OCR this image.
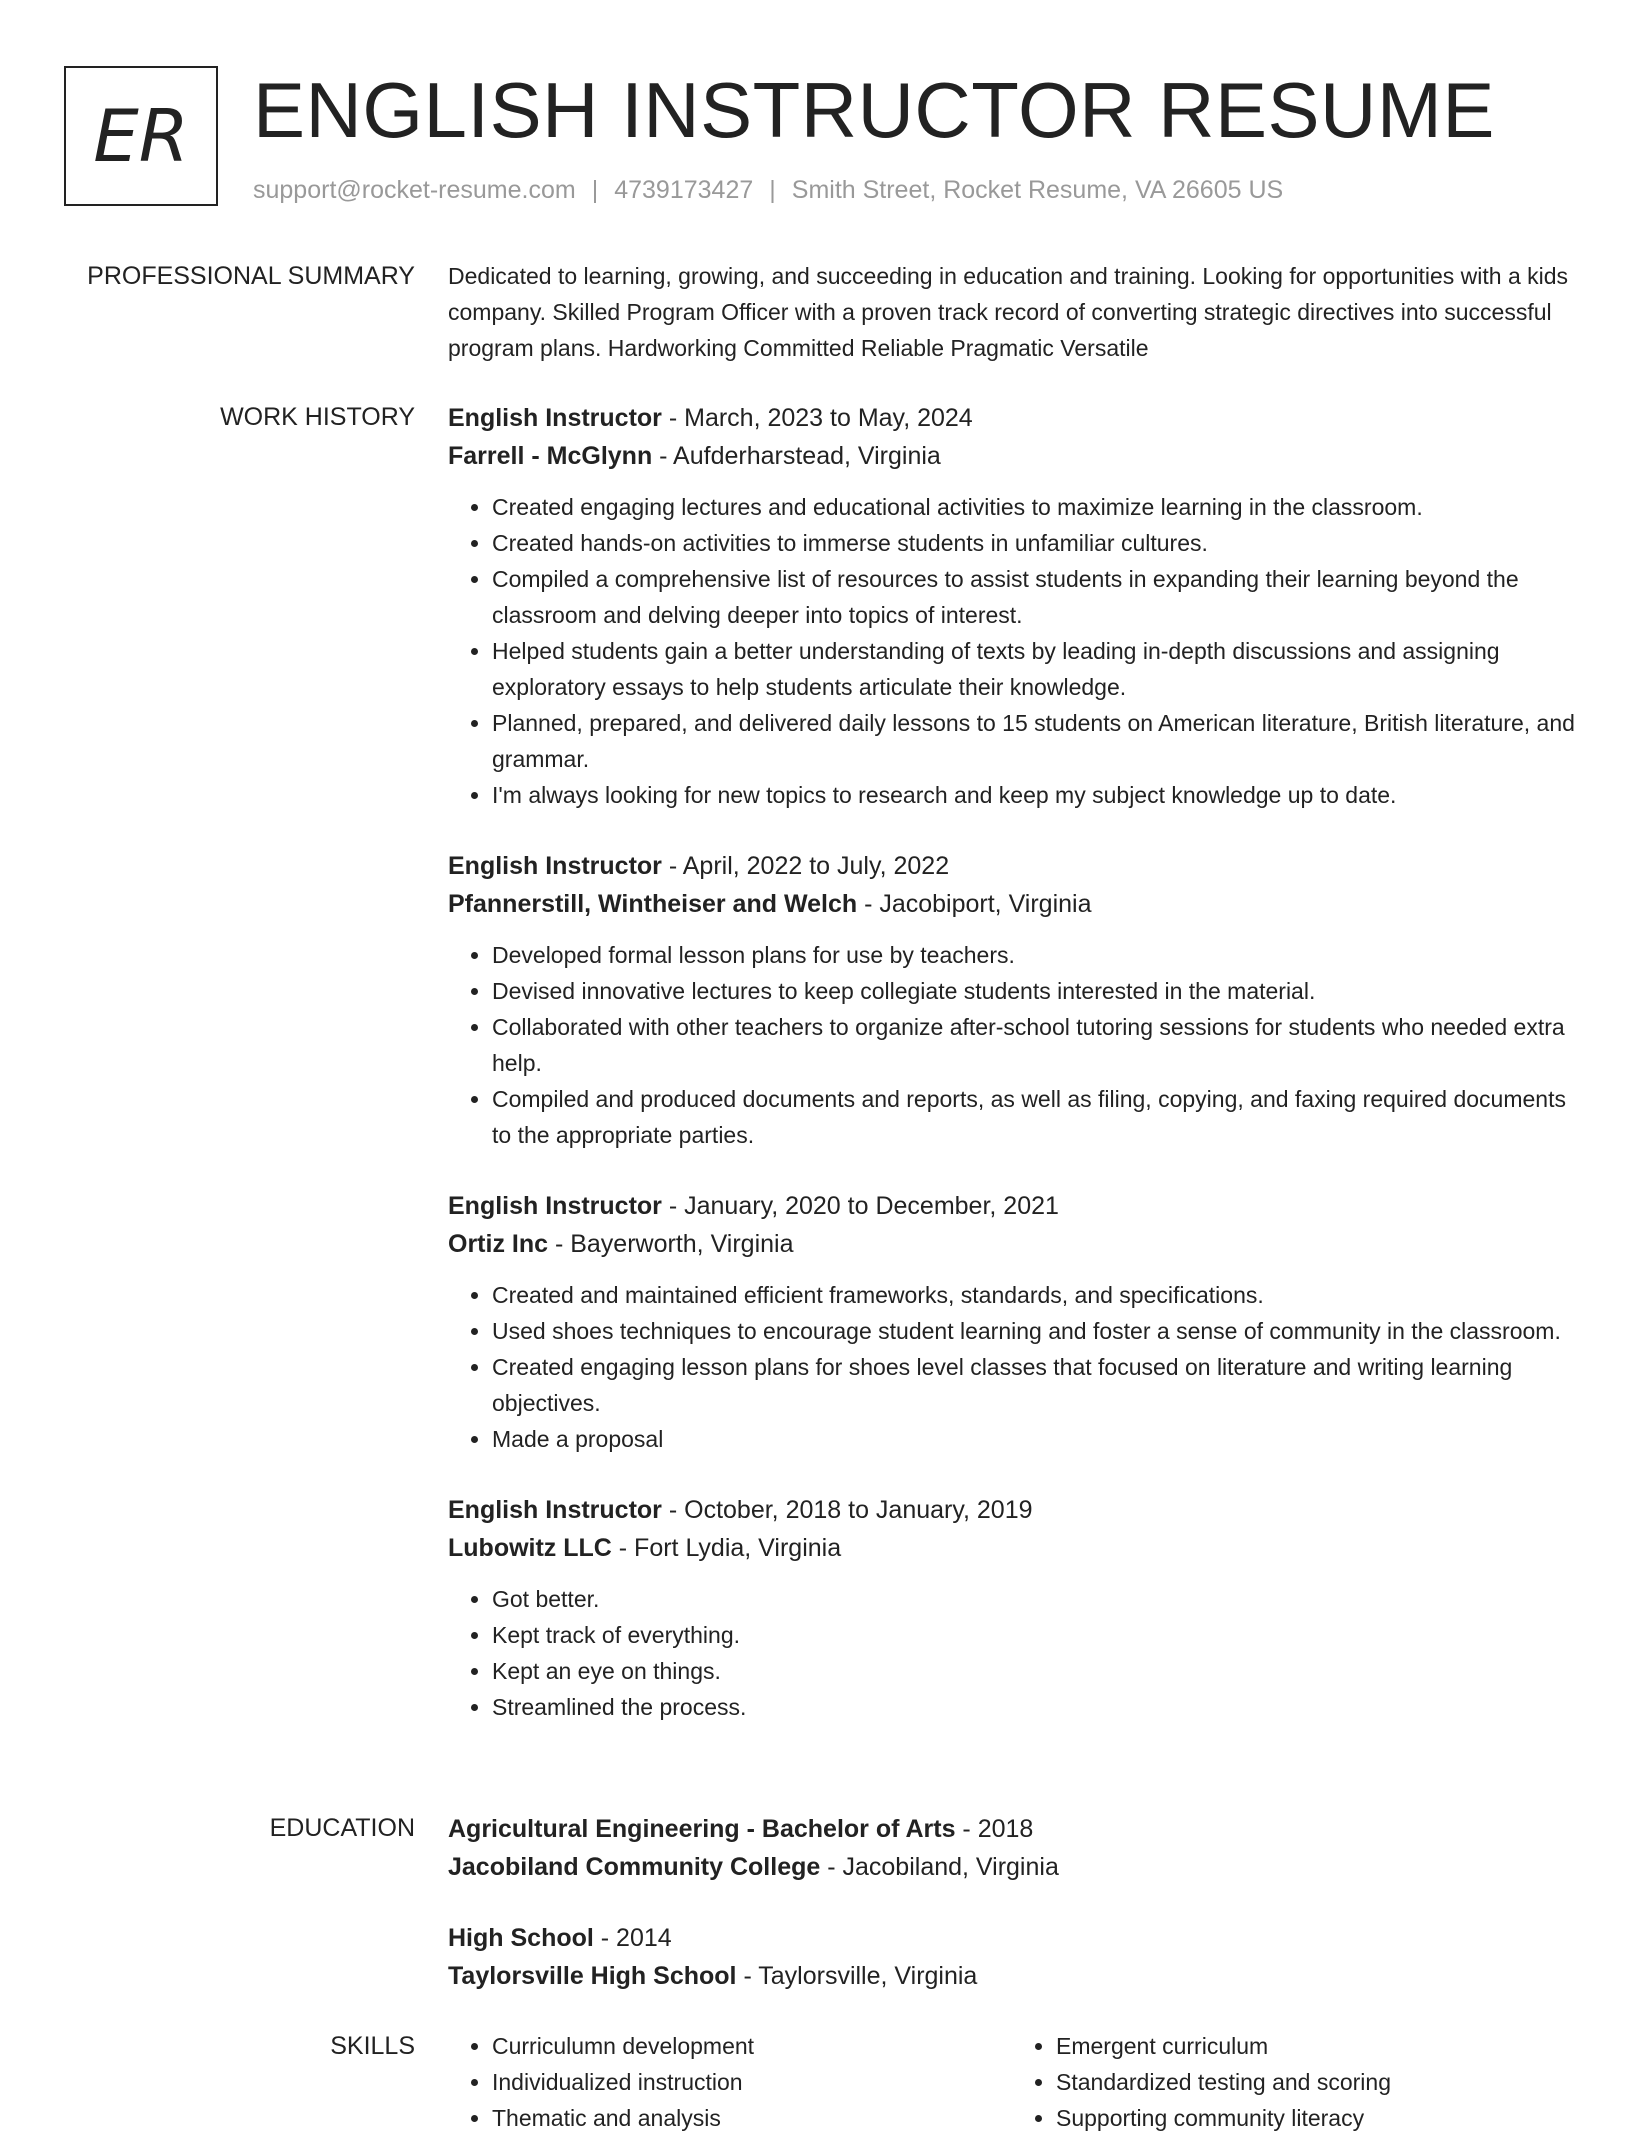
ER ENGLISH INSTRUCTOR RESUME
support@rocket-resume.com | 4739173427 | Smith Street, Rocket Resume, VA 26605 US
PROFESSIONAL SUMMARY Dedicated to learning, growing, and succeeding in education and training. Looking for opportunities with a kids company. Skilled Program Officer with a proven track record of converting strategic directives into successful program plans. Hardworking Committed Reliable Pragmatic Versatile

WORK HISTORY English Instructor - March, 2023 to May, 2024

Farrell - McGlynn - Aufderharstead, Virginia

• Created engaging lectures and educational activities to maximize learning in the classroom.
• Created hands-on activities to immerse students in unfamiliar cultures.
• Compiled a comprehensive list of resources to assist students in expanding their learning beyond the classroom and delving deeper into topics of interest.
• Helped students gain a better understanding of texts by leading in-depth discussions and assigning exploratory essays to help students articulate their knowledge.
• Planned, prepared, and delivered daily lessons to 15 students on American literature, British literature, and grammar.
• I'm always looking for new topics to research and keep my subject knowledge up to date.

English Instructor - April, 2022 to July, 2022

Pfannerstill, Wintheiser and Welch - Jacobiport, Virginia

• Developed formal lesson plans for use by teachers.
• Devised innovative lectures to keep collegiate students interested in the material.
• Collaborated with other teachers to organize after-school tutoring sessions for students who needed extra help.
• Compiled and produced documents and reports, as well as filing, copying, and faxing required documents to the appropriate parties.

English Instructor - January, 2020 to December, 2021

Ortiz Inc - Bayerworth, Virginia

• Created and maintained efficient frameworks, standards, and specifications.
• Used shoes techniques to encourage student learning and foster a sense of community in the classroom.
• Created engaging lesson plans for shoes level classes that focused on literature and writing learning objectives.
• Made a proposal

English Instructor - October, 2018 to January, 2019

Lubowitz LLC - Fort Lydia, Virginia

• Got better.
• Kept track of everything.
• Kept an eye on things.
• Streamlined the process.
EDUCATION Agricultural Engineering - Bachelor of Arts - 2018

Jacobiland Community College - Jacobiland, Virginia

High School - 2014

Taylorsville High School - Taylorsville, Virginia

SKILLS
•	Curriculumn development
• Individualized instruction
• Thematic and analysis
• Emergent curriculum
• Standardized testing and scoring
• Supporting community literacy
